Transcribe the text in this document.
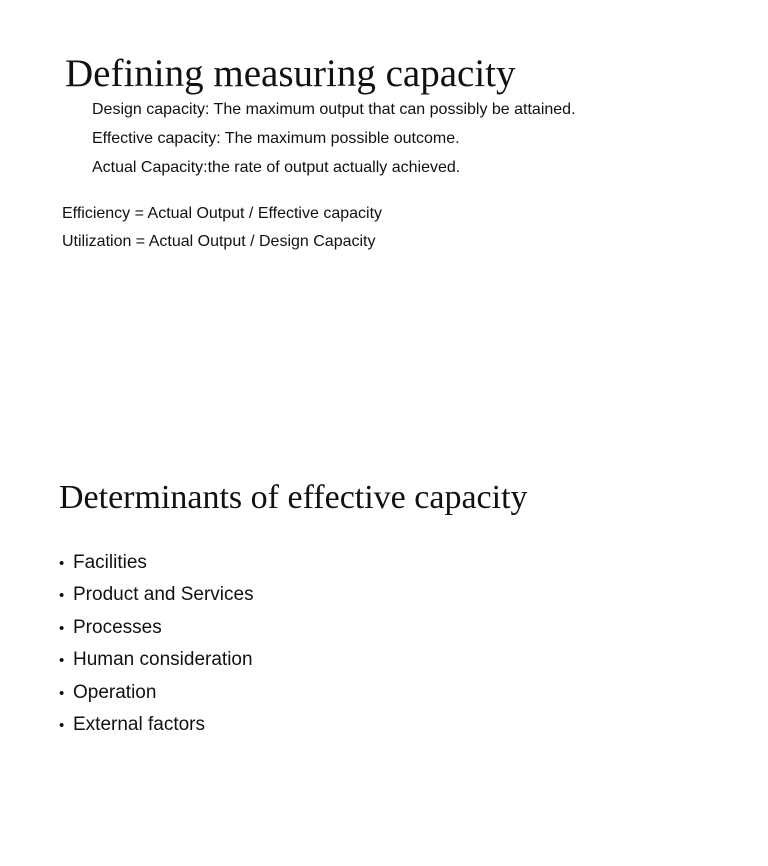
Defining measuring capacity
Design capacity: The maximum output that can possibly be attained.
Effective capacity: The maximum possible outcome.
Actual Capacity:the rate of output actually achieved.
Efficiency = Actual Output / Effective capacity
Utilization = Actual Output / Design Capacity
Determinants of effective capacity
• Facilities
• Product and Services
• Processes
• Human consideration
• Operation
• External factors
